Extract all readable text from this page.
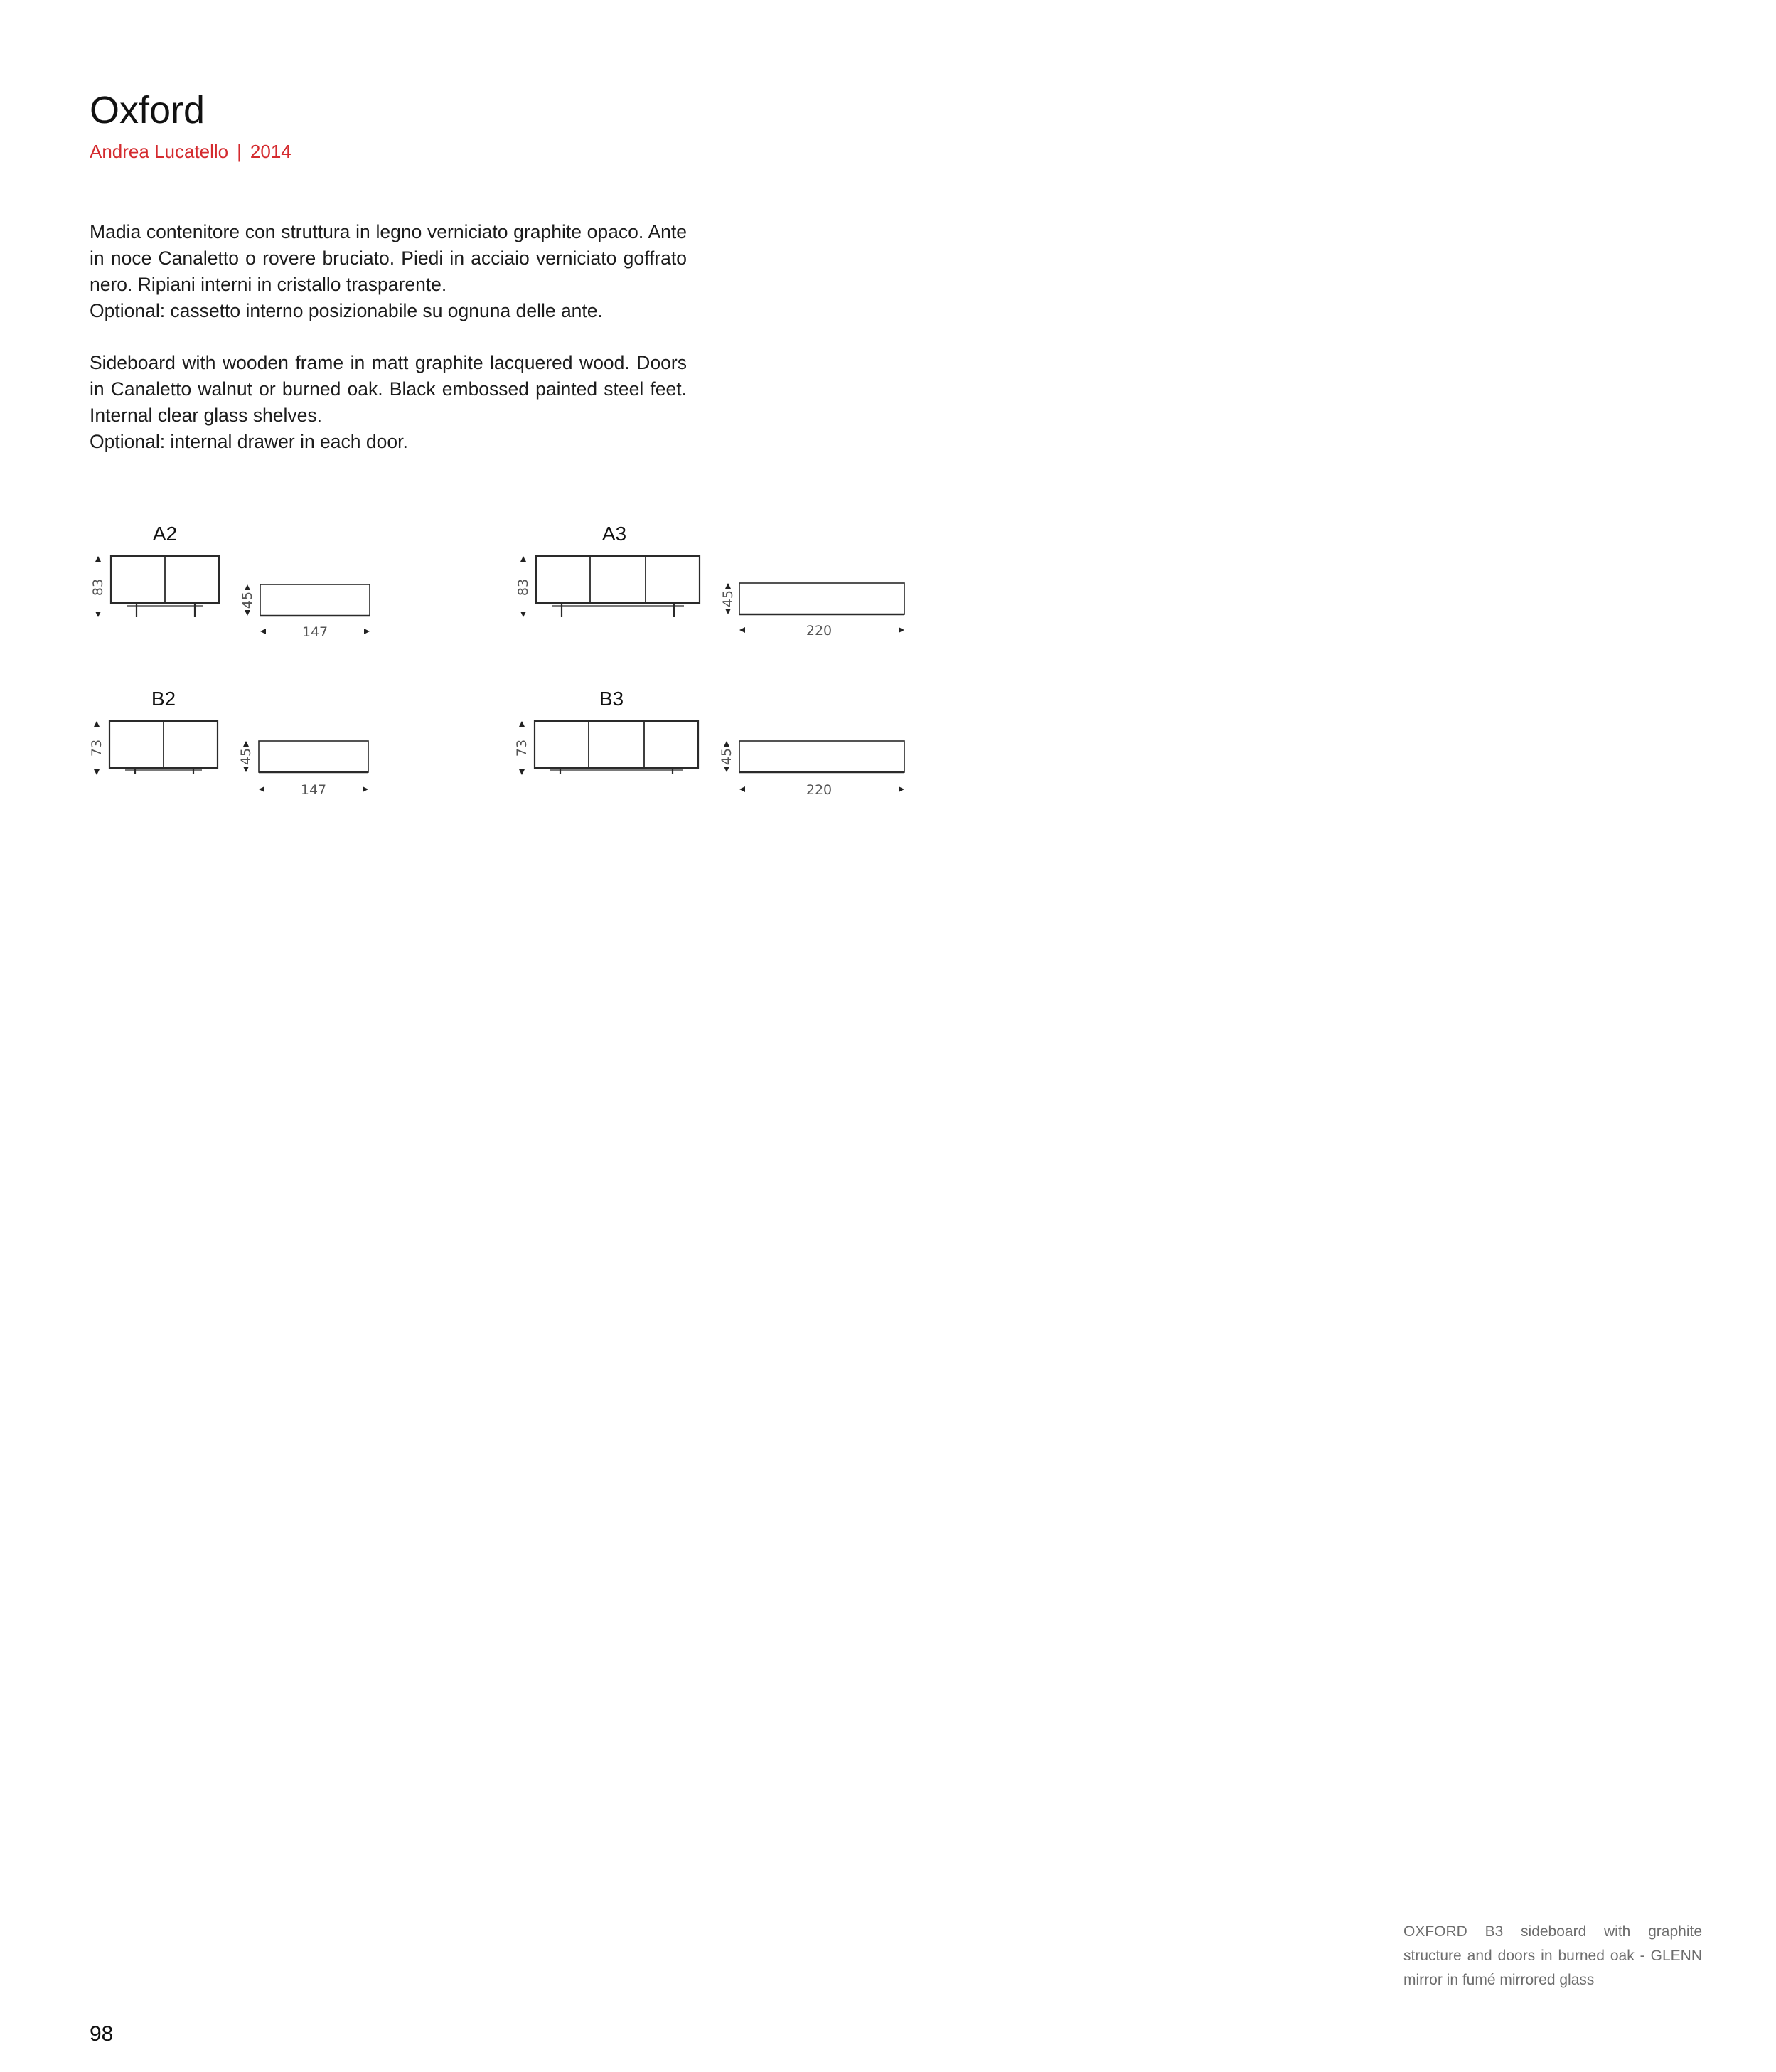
Oxford
Andrea Lucatello | 2014

Madia contenitore con struttura in legno verniciato graphite opaco. Ante in noce Canaletto o rovere bruciato. Piedi in acciaio verniciato goffrato nero. Ripiani interni in cristallo trasparente.

Optional: cassetto interno posizionabile su ognuna delle ante.

Sideboard with wooden frame in matt graphite lacquered wood. Doors in Canaletto walnut or burned oak. Black embossed painted steel feet. Internal clear glass shelves.

Optional: internal drawer in each door.

A2
83
45
147
A3
83
45
220
B2
73	45
147
B3
73	45
220
OXFORD B3 sideboard with graphite structure and doors in burned oak - GLENN mirror in fumé mirrored glass
98
